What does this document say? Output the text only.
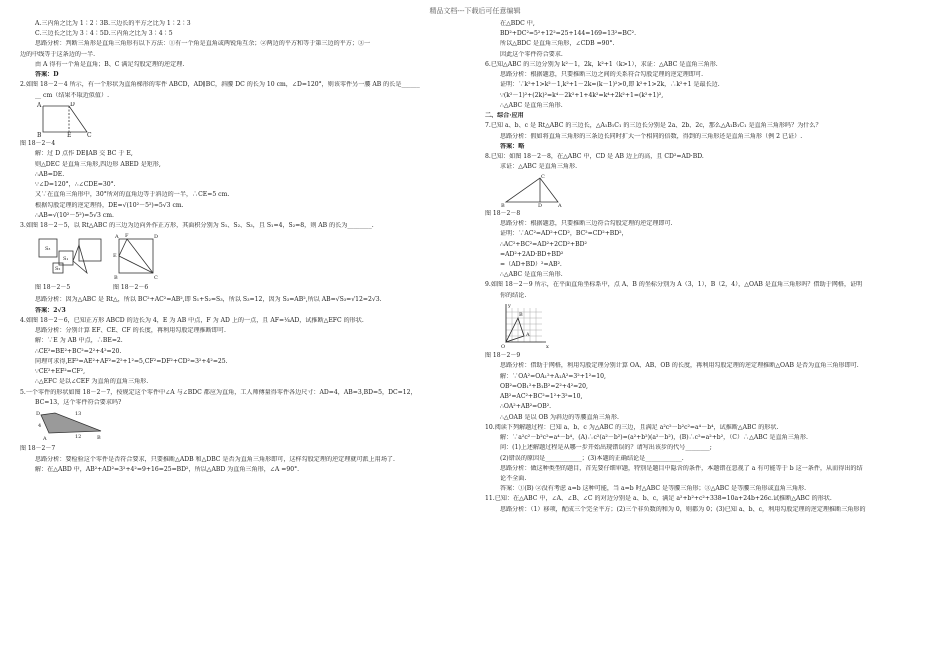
精品文档---下载后可任意编辑

A.三内角之比为 1∶2∶3B.三边长的平方之比为 1∶2∶3

C.三边长之比为 3∶4∶5D.三内角之比为 3∶4∶5

思路分析：判断三角形是直角三角形有以下方法：①有一个角是直角或两锐角互余；②两边的平方和等于第三边的平方；③一

边的中线等于这条边的一半.

由 A 得有一个角是直角；B、C 满足勾股定理的逆定理.

答案：D

2.如图 18－2－4 所示，有一个形状为直角梯形的零件 ABCD，AD∥BC，斜腰 DC 的长为 10 cm，∠D=120°，则该零件另一腰 AB 的长是______

__ cm（结果不取近似值）.

A	D
B	E	C

图 18－2－4

解：过 D 点作 DE∥AB 交 BC 于 E,

则△DEC 是直角三角形,四边形 ABED 是矩形,

∴AB=DE.

∵∠D=120°，∴∠CDE=30°.

又∵在直角三角形中，30°所对的直角边等于斜边的一半，∴CE=5 cm.

根据勾股定理的逆定理得，DE=√(10²－5²)=5√3 cm.

∴AB=√(10²－5²)=5√3 cm.

3.如图 18－2－5，以 Rt△ABC 的三边为边向外作正方形，其面积分别为 S₁、S₂、S₃，且 S₁=4，S₂=8，则 AB 的长为________.

S₃
S₁
S₂

图 18－2－5

A F	D
E
B	C

图 18－2－6

思路分析：因为△ABC 是 Rt△，所以 BC²+AC²=AB²,即 S₁+S₂=S₃，所以 S₃=12，因为 S₃=AB²,所以 AB=√S₃=√12=2√3.

答案：2√3

4.如图 18－2－6，已知正方形 ABCD 的边长为 4，E 为 AB 中点，F 为 AD 上的一点，且 AF=¼AD，试推断△EFC 的形状.

思路分析：分别计算 EF、CE、CF 的长度，再利用勾股定理推断即可.

解：∵E 为 AB 中点，∴BE=2.

∴CE²=BE²+BC²=2²+4²=20.

同理可求得,EF²=AE²+AF²=2²+1²=5,CF²=DF²+CD²=3²+4²=25.

∵CE²+EF²=CF²,

∴△EFC 是以∠CEF 为直角的直角三角形.

5.一个零件的形状如图 18－2－7，按规定这个零件中∠A 与∠BDC 都应为直角，工人师傅量得零件各边尺寸：AD=4，AB=3,BD=5，DC=12，

BC=13，这个零件符合要求吗?

D
4
A
13
12	B

图 18－2－7

思路分析：要检验这个零件是否符合要求，只要推断△ADB 和△DBC 是否为直角三角形即可，这样勾股定理的逆定理就可派上用场了.

解：在△ABD 中，AB²+AD²=3²+4²=9+16=25=BD²，所以△ABD 为直角三角形，∠A =90°.

在△BDC 中,

BD²+DC²=5²+12²=25+144=169=13²=BC².

所以△BDC 是直角三角形，∠CDB =90°.

因此这个零件符合要求.

6.已知△ABC 的三边分别为 k²－1，2k，k²+1（k>1），求证：△ABC 是直角三角形.

思路分析：根据题意，只要推断三边之间的关系符合勾股定理的逆定理即可.

证明：∵k²+1>k²－1,k²+1－2k=(k－1)²>0,即 k²+1>2k，∴k²+1 是最长边.

∵(k²－1)²+(2k)²=k⁴－2k²+1+4k²=k⁴+2k²+1=(k²+1)²,

∴△ABC 是直角三角形.

二、综合·应用

7.已知 a、b、c 是 Rt△ABC 的三边长，△A₁B₁C₁ 的三边长分别是 2a、2b、2c，那么△A₁B₁C₁ 是直角三角形吗？为什么？

思路分析：假如将直角三角形的三条边长同时扩大一个相同的倍数，得到的三角形还是直角三角形（例 2 已证）.

答案：略

8.已知：如图 18－2－8，在△ABC 中，CD 是 AB 边上的高，且 CD²=AD·BD.

求证：△ABC 是直角三角形.

B
C
D	A

图 18－2－8

思路分析：根据题意，只要推断三边符合勾股定理的逆定理即可.

证明：∵AC²=AD²+CD²，BC²=CD²+BD²，

∴AC²+BC²=AD²+2CD²+BD²

=AD²+2AD·BD+BD²

=（AD+BD）²=AB².

∴△ABC 是直角三角形.

9.如图 18－2－9 所示，在平面直角坐标系中，点 A、B 的坐标分别为 A（3，1），B（2，4），△OAB 是直角三角形吗？借助于网格，证明

你的结论.

O
B
A
x
y

图 18－2－9

思路分析：借助于网格，利用勾股定理分别计算 OA、AB、OB 的长度，再利用勾股定理的逆定理推断△OAB 是否为直角三角形即可.

解：∵OA²=OA₁²+A₁A²=3²+1²=10,

OB²=OB₁²+B₁B²=2²+4²=20,

AB²=AC²+BC²=1²+3²=10,

∴OA²+AB²=OB².

∴△OAB 是以 OB 为斜边的等腰直角三角形.

10.阅读下列解题过程：已知 a、b、c 为△ABC 的三边，且满足 a²c²－b²c²=a⁴－b⁴，试推断△ABC 的形状.

解：∵a²c²－b²c²=a⁴－b⁴，(A)∴c²(a²－b²)=(a²+b²)(a²－b²)，(B)∴c²=a²+b²，（C）∴△ABC 是直角三角形.

问：(1)上述解题过程是从哪一步开始出现错误的？请写出该步的代号________;

(2)错误的原因是____________；(3)本题的正确结论是____________.

思路分析：做这种类型的题目，首先要仔细审题，特别是题目中隐含的条件，本题错在忽视了 a 有可能等于 b 这一条件，从而得出的结

论不全面.

答案：①(B) ②没有考虑 a=b 这种可能，当 a=b 时△ABC 是等腰三角形；③△ABC 是等腰三角形或直角三角形.

11.已知：在△ABC 中，∠A、∠B、∠C 的对边分别是 a、b、c，满足 a²+b²+c²+338=10a+24b+26c.试推断△ABC 的形状.

思路分析：（1）移项，配成三个完全平方；(2)三个非负数的和为 0，则都为 0；(3)已知 a、b、c，利用勾股定理的逆定理推断三角形的
